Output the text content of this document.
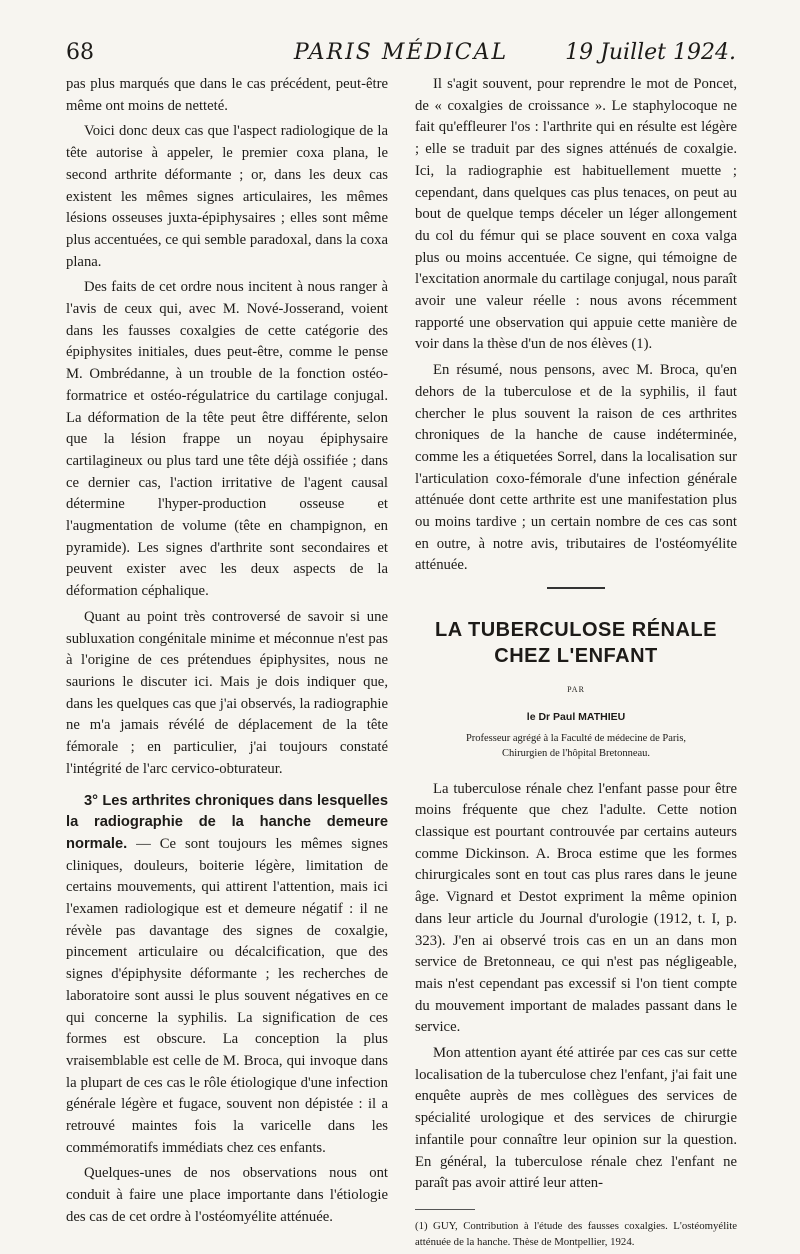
68	PARIS MÉDICAL	19 Juillet 1924.

pas plus marqués que dans le cas précédent, peut-être même ont moins de netteté.

Voici donc deux cas que l'aspect radiologique de la tête autorise à appeler, le premier coxa plana, le second arthrite déformante ; or, dans les deux cas existent les mêmes signes articulaires, les mêmes lésions osseuses juxta-épiphysaires ; elles sont même plus accentuées, ce qui semble paradoxal, dans la coxa plana.

Des faits de cet ordre nous incitent à nous ranger à l'avis de ceux qui, avec M. Nové-Josserand, voient dans les fausses coxalgies de cette catégorie des épiphysites initiales, dues peut-être, comme le pense M. Ombrédanne, à un trouble de la fonction ostéo-formatrice et ostéo-régulatrice du cartilage conjugal. La déformation de la tête peut être différente, selon que la lésion frappe un noyau épiphysaire cartilagineux ou plus tard une tête déjà ossifiée ; dans ce dernier cas, l'action irritative de l'agent causal détermine l'hyper-production osseuse et l'augmentation de volume (tête en champignon, en pyramide). Les signes d'arthrite sont secondaires et peuvent exister avec les deux aspects de la déformation céphalique.

Quant au point très controversé de savoir si une subluxation congénitale minime et méconnue n'est pas à l'origine de ces prétendues épiphysites, nous ne saurions le discuter ici. Mais je dois indiquer que, dans les quelques cas que j'ai observés, la radiographie ne m'a jamais révélé de déplacement de la tête fémorale ; en particulier, j'ai toujours constaté l'intégrité de l'arc cervico-obturateur.

3° Les arthrites chroniques dans lesquelles la radiographie de la hanche demeure normale. — Ce sont toujours les mêmes signes cliniques, douleurs, boiterie légère, limitation de certains mouvements, qui attirent l'attention, mais ici l'examen radiologique est et demeure négatif : il ne révèle pas davantage des signes de coxalgie, pincement articulaire ou décalcification, que des signes d'épiphysite déformante ; les recherches de laboratoire sont aussi le plus souvent négatives en ce qui concerne la syphilis. La signification de ces formes est obscure. La conception la plus vraisemblable est celle de M. Broca, qui invoque dans la plupart de ces cas le rôle étiologique d'une infection générale légère et fugace, souvent non dépistée : il a retrouvé maintes fois la varicelle dans les commémoratifs immédiats chez ces enfants.

Quelques-unes de nos observations nous ont conduit à faire une place importante dans l'étiologie des cas de cet ordre à l'ostéomyélite atténuée.

Il s'agit souvent, pour reprendre le mot de Poncet, de « coxalgies de croissance ». Le staphylocoque ne fait qu'effleurer l'os : l'arthrite qui en résulte est légère ; elle se traduit par des signes atténués de coxalgie. Ici, la radiographie est habituellement muette ; cependant, dans quelques cas plus tenaces, on peut au bout de quelque temps déceler un léger allongement du col du fémur qui se place souvent en coxa valga plus ou moins accentuée. Ce signe, qui témoigne de l'excitation anormale du cartilage conjugal, nous paraît avoir une valeur réelle : nous avons récemment rapporté une observation qui appuie cette manière de voir dans la thèse d'un de nos élèves (1).

En résumé, nous pensons, avec M. Broca, qu'en dehors de la tuberculose et de la syphilis, il faut chercher le plus souvent la raison de ces arthrites chroniques de la hanche de cause indéterminée, comme les a étiquetées Sorrel, dans la localisation sur l'articulation coxo-fémorale d'une infection générale atténuée dont cette arthrite est une manifestation plus ou moins tardive ; un certain nombre de ces cas sont en outre, à notre avis, tributaires de l'ostéomyélite atténuée.

LA TUBERCULOSE RÉNALE
CHEZ L'ENFANT
PAR
le Dr Paul MATHIEU
Professeur agrégé à la Faculté de médecine de Paris,
Chirurgien de l'hôpital Bretonneau.

La tuberculose rénale chez l'enfant passe pour être moins fréquente que chez l'adulte. Cette notion classique est pourtant controuvée par certains auteurs comme Dickinson. A. Broca estime que les formes chirurgicales sont en tout cas plus rares dans le jeune âge. Vignard et Destot expriment la même opinion dans leur article du Journal d'urologie (1912, t. I, p. 323). J'en ai observé trois cas en un an dans mon service de Bretonneau, ce qui n'est pas négligeable, mais n'est cependant pas excessif si l'on tient compte du mouvement important de malades passant dans le service.

Mon attention ayant été attirée par ces cas sur cette localisation de la tuberculose chez l'enfant, j'ai fait une enquête auprès de mes collègues des services de spécialité urologique et des services de chirurgie infantile pour connaître leur opinion sur la question. En général, la tuberculose rénale chez l'enfant ne paraît pas avoir attiré leur atten-

(1) GUY, Contribution à l'étude des fausses coxalgies. L'ostéomyélite atténuée de la hanche. Thèse de Montpellier, 1924.
